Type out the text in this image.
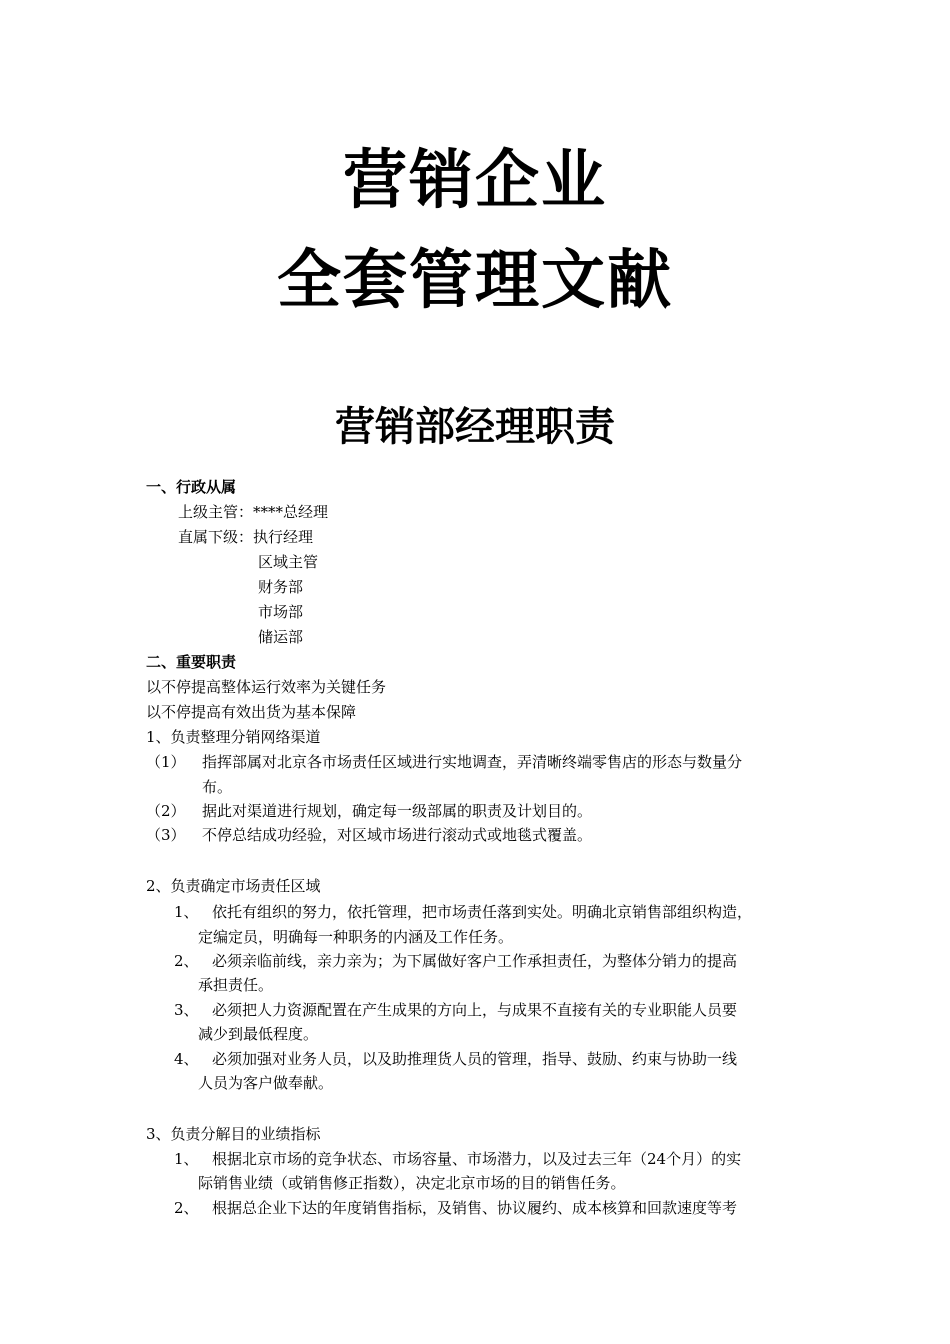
营销企业
全套管理文献
营销部经理职责
一、行政从属
上级主管：****总经理
直属下级：执行经理
区域主管
财务部
市场部
储运部
二、重要职责
以不停提高整体运行效率为关键任务
以不停提高有效出货为基本保障
1、负责整理分销网络渠道
（1） 指挥部属对北京各市场责任区域进行实地调查，弄清晰终端零售店的形态与数量分
布。
（2） 据此对渠道进行规划，确定每一级部属的职责及计划目的。
（3） 不停总结成功经验，对区域市场进行滚动式或地毯式覆盖。
2、负责确定市场责任区域
1、 依托有组织的努力，依托管理，把市场责任落到实处。明确北京销售部组织构造，
定编定员，明确每一种职务的内涵及工作任务。
2、 必须亲临前线，亲力亲为；为下属做好客户工作承担责任，为整体分销力的提高
承担责任。
3、 必须把人力资源配置在产生成果的方向上，与成果不直接有关的专业职能人员要
减少到最低程度。
4、 必须加强对业务人员，以及助推理货人员的管理，指导、鼓励、约束与协助一线
人员为客户做奉献。
3、负责分解目的业绩指标
1、 根据北京市场的竞争状态、市场容量、市场潜力，以及过去三年（24个月）的实
际销售业绩（或销售修正指数），决定北京市场的目的销售任务。
2、 根据总企业下达的年度销售指标，及销售、协议履约、成本核算和回款速度等考
